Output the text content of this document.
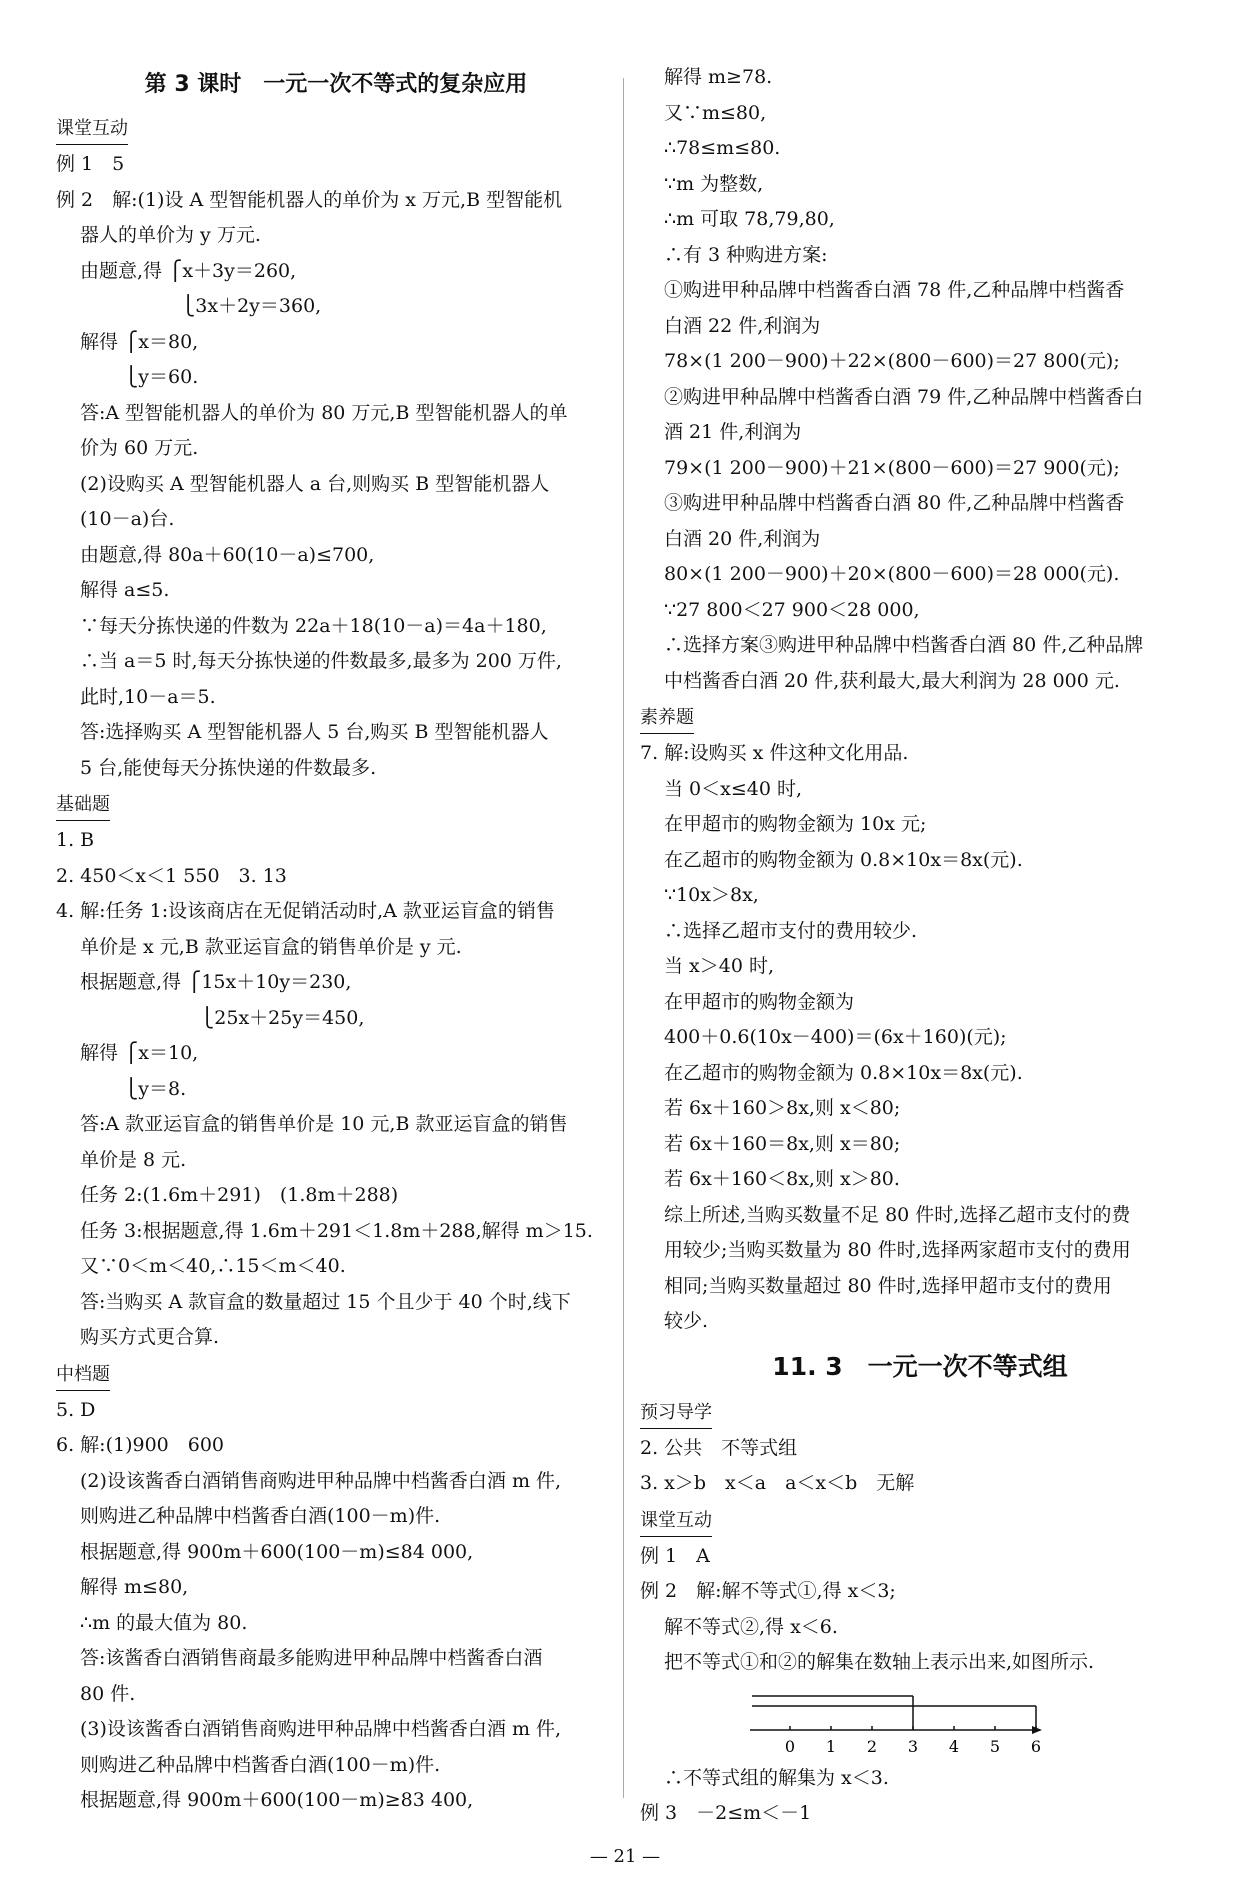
第 3 课时　一元一次不等式的复杂应用
课堂互动
例 1　5
例 2　解:(1)设 A 型智能机器人的单价为 x 万元,B 型智能机
器人的单价为 y 万元.
由题意,得 ⎧x＋3y＝260,
　　　　　 ⎩3x＋2y＝360,
解得 ⎧x＝80,
　　 ⎩y＝60.
答:A 型智能机器人的单价为 80 万元,B 型智能机器人的单
价为 60 万元.
(2)设购买 A 型智能机器人 a 台,则购买 B 型智能机器人
(10－a)台.
由题意,得 80a＋60(10－a)≤700,
解得 a≤5.
∵每天分拣快递的件数为 22a＋18(10－a)＝4a＋180,
∴当 a＝5 时,每天分拣快递的件数最多,最多为 200 万件,
此时,10－a＝5.
答:选择购买 A 型智能机器人 5 台,购买 B 型智能机器人
5 台,能使每天分拣快递的件数最多.
基础题
1. B
2. 450＜x＜1 550　3. 13
4. 解:任务 1:设该商店在无促销活动时,A 款亚运盲盒的销售
单价是 x 元,B 款亚运盲盒的销售单价是 y 元.
根据题意,得 ⎧15x＋10y＝230,
　　　　　　 ⎩25x＋25y＝450,
解得 ⎧x＝10,
　　 ⎩y＝8.
答:A 款亚运盲盒的销售单价是 10 元,B 款亚运盲盒的销售
单价是 8 元.
任务 2:(1.6m＋291)　(1.8m＋288)
任务 3:根据题意,得 1.6m＋291＜1.8m＋288,解得 m＞15.
又∵0＜m＜40,∴15＜m＜40.
答:当购买 A 款盲盒的数量超过 15 个且少于 40 个时,线下
购买方式更合算.
中档题
5. D
6. 解:(1)900　600
(2)设该酱香白酒销售商购进甲种品牌中档酱香白酒 m 件,
则购进乙种品牌中档酱香白酒(100－m)件.
根据题意,得 900m＋600(100－m)≤84 000,
解得 m≤80,
∴m 的最大值为 80.
答:该酱香白酒销售商最多能购进甲种品牌中档酱香白酒
80 件.
(3)设该酱香白酒销售商购进甲种品牌中档酱香白酒 m 件,
则购进乙种品牌中档酱香白酒(100－m)件.
根据题意,得 900m＋600(100－m)≥83 400,
解得 m≥78.
又∵m≤80,
∴78≤m≤80.
∵m 为整数,
∴m 可取 78,79,80,
∴有 3 种购进方案:
①购进甲种品牌中档酱香白酒 78 件,乙种品牌中档酱香
白酒 22 件,利润为
78×(1 200－900)＋22×(800－600)＝27 800(元);
②购进甲种品牌中档酱香白酒 79 件,乙种品牌中档酱香白
酒 21 件,利润为
79×(1 200－900)＋21×(800－600)＝27 900(元);
③购进甲种品牌中档酱香白酒 80 件,乙种品牌中档酱香
白酒 20 件,利润为
80×(1 200－900)＋20×(800－600)＝28 000(元).
∵27 800＜27 900＜28 000,
∴选择方案③购进甲种品牌中档酱香白酒 80 件,乙种品牌
中档酱香白酒 20 件,获利最大,最大利润为 28 000 元.
素养题
7. 解:设购买 x 件这种文化用品.
当 0＜x≤40 时,
在甲超市的购物金额为 10x 元;
在乙超市的购物金额为 0.8×10x＝8x(元).
∵10x＞8x,
∴选择乙超市支付的费用较少.
当 x＞40 时,
在甲超市的购物金额为
400＋0.6(10x－400)＝(6x＋160)(元);
在乙超市的购物金额为 0.8×10x＝8x(元).
若 6x＋160＞8x,则 x＜80;
若 6x＋160＝8x,则 x＝80;
若 6x＋160＜8x,则 x＞80.
综上所述,当购买数量不足 80 件时,选择乙超市支付的费
用较少;当购买数量为 80 件时,选择两家超市支付的费用
相同;当购买数量超过 80 件时,选择甲超市支付的费用
较少.
11. 3　一元一次不等式组
预习导学
2. 公共　不等式组
3. x＞b　x＜a　a＜x＜b　无解
课堂互动
例 1　A
例 2　解:解不等式①,得 x＜3;
解不等式②,得 x＜6.
把不等式①和②的解集在数轴上表示出来,如图所示.
0 1 2 3 4 5 6
∴不等式组的解集为 x＜3.
例 3　－2≤m＜－1
— 21 —
